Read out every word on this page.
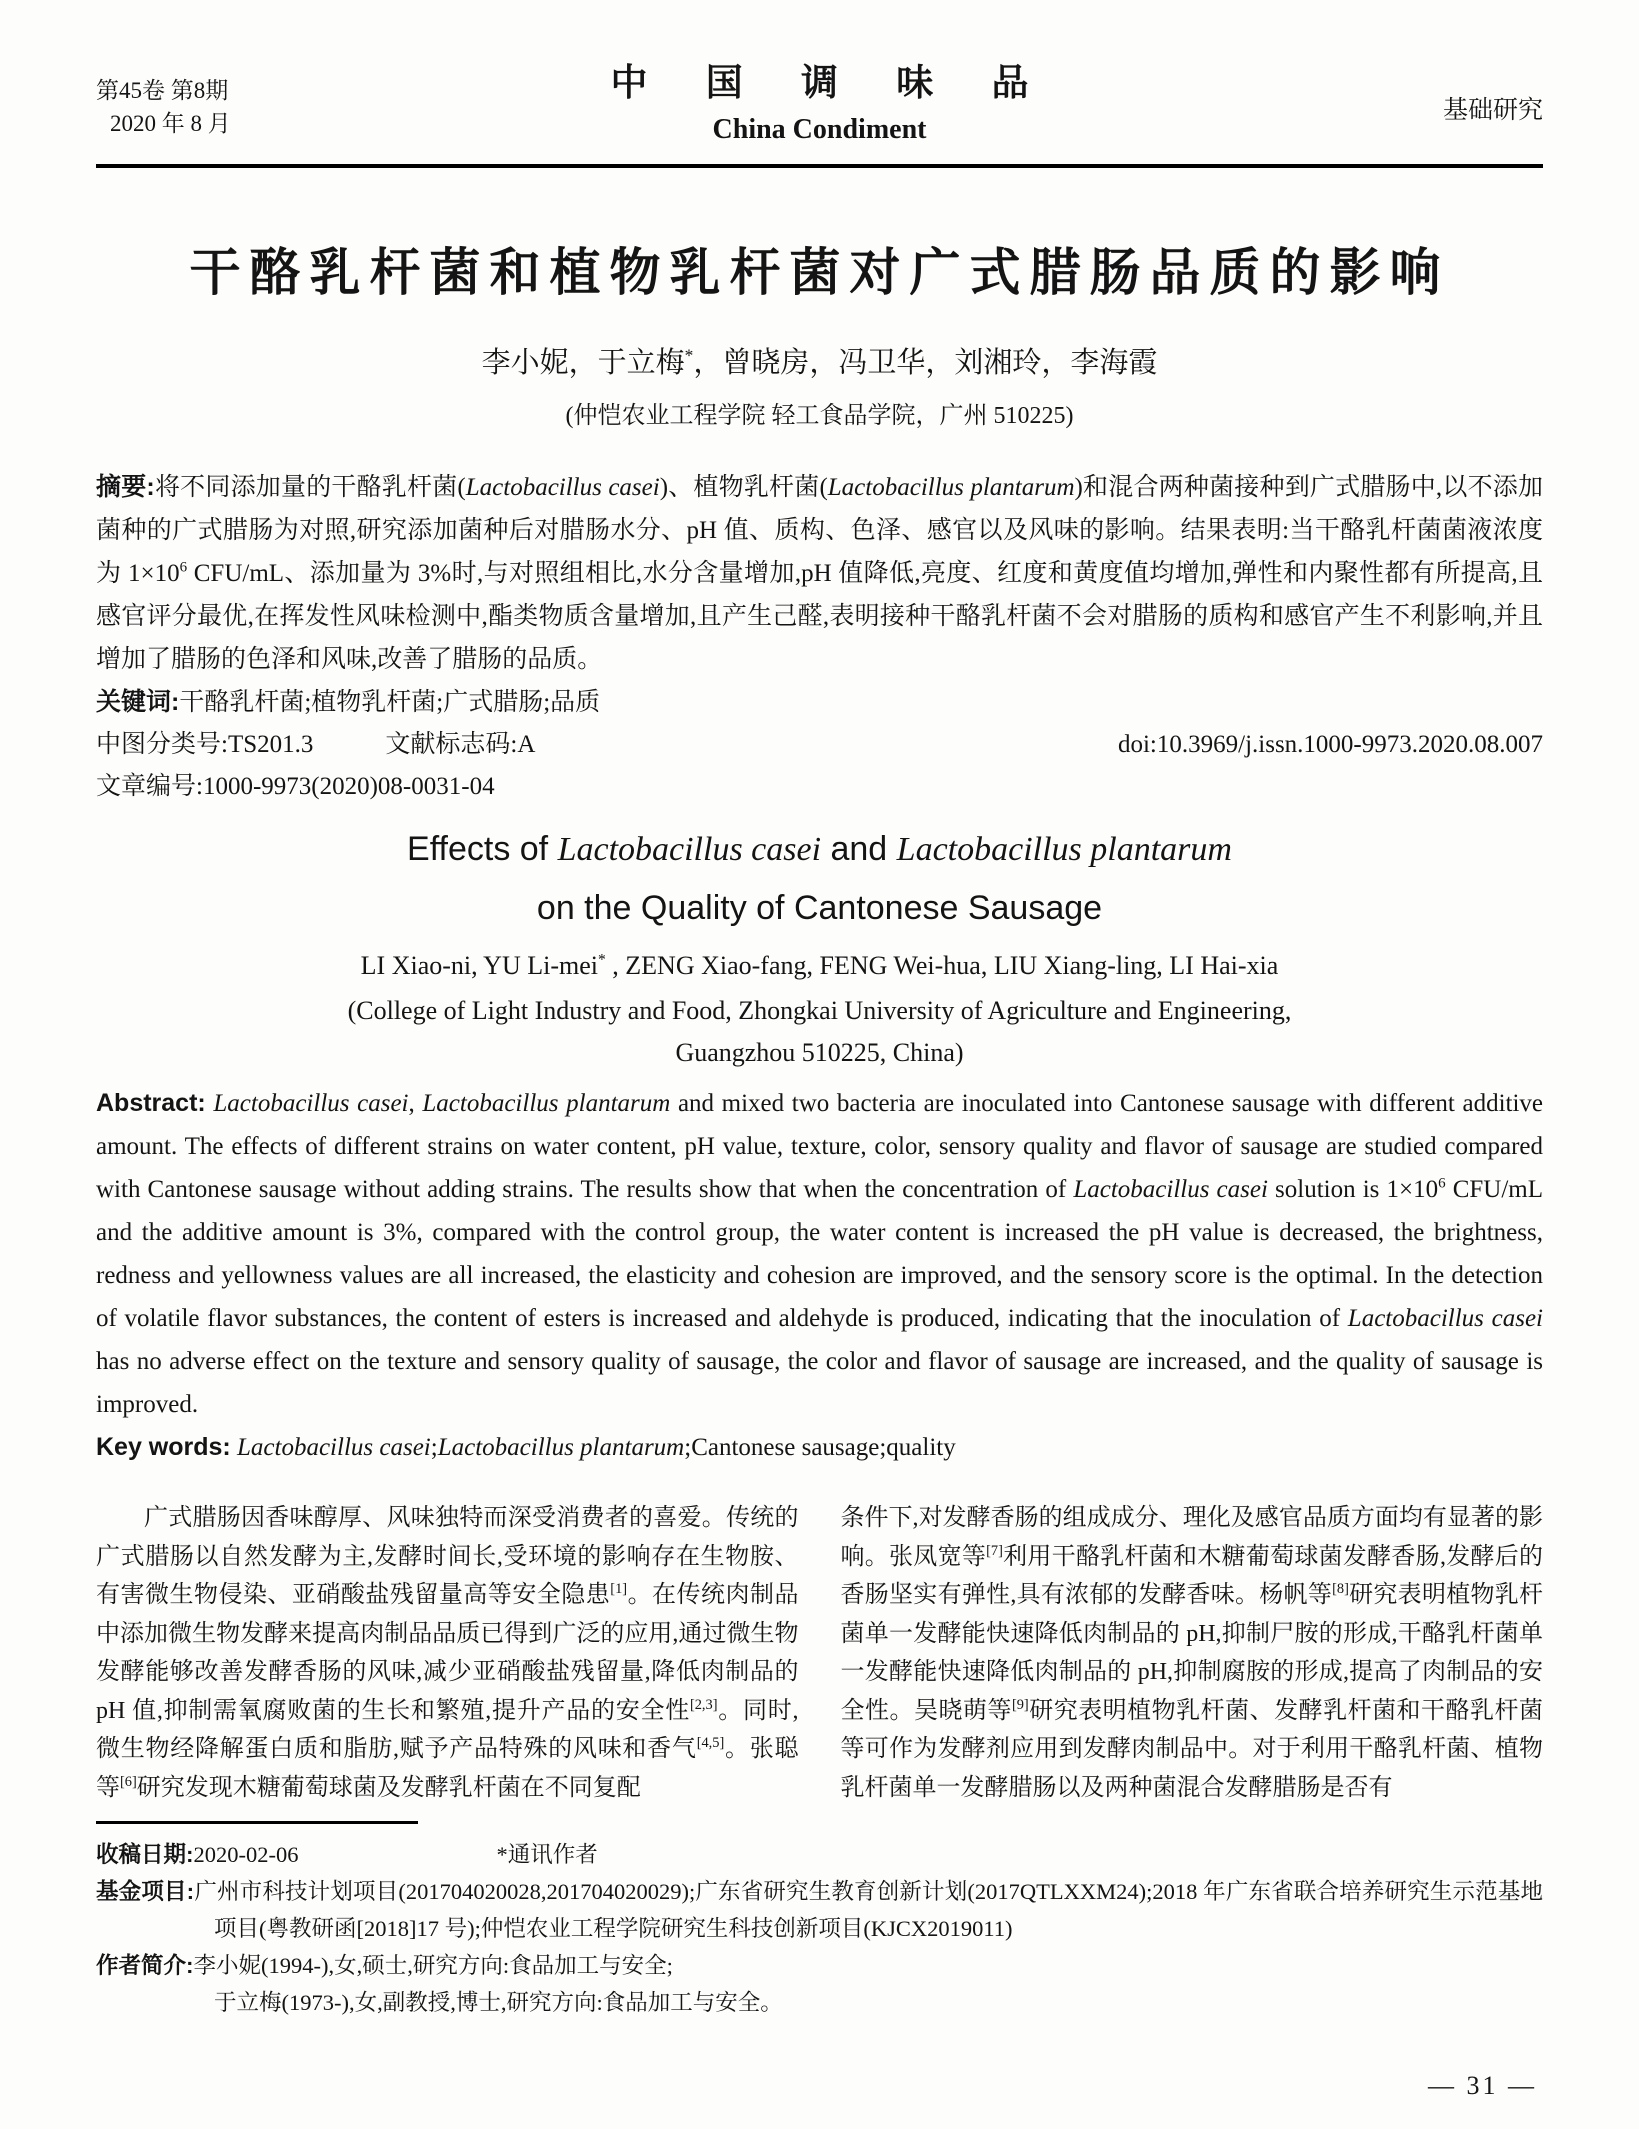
第45卷 第8期
2020 年 8 月
中 国 调 味 品
China Condiment
基础研究
干酪乳杆菌和植物乳杆菌对广式腊肠品质的影响
李小妮，于立梅*，曾晓房，冯卫华，刘湘玲，李海霞
(仲恺农业工程学院 轻工食品学院，广州 510225)

摘要:将不同添加量的干酪乳杆菌(Lactobacillus casei)、植物乳杆菌(Lactobacillus plantarum)和混合两种菌接种到广式腊肠中,以不添加菌种的广式腊肠为对照,研究添加菌种后对腊肠水分、pH 值、质构、色泽、感官以及风味的影响。结果表明:当干酪乳杆菌菌液浓度为 $1\times 10^6$ CFU/mL、添加量为 3%时,与对照组相比,水分含量增加,pH 值降低,亮度、红度和黄度值均增加,弹性和内聚性都有所提高,且感官评分最优,在挥发性风味检测中,酯类物质含量增加,且产生己醛,表明接种干酪乳杆菌不会对腊肠的质构和感官产生不利影响,并且增加了腊肠的色泽和风味,改善了腊肠的品质。

关键词:干酪乳杆菌;植物乳杆菌;广式腊肠;品质
中图分类号:TS201.3	文献标志码:A	doi:10.3969/j.issn.1000-9973.2020.08.007
文章编号:1000-9973(2020)08-0031-04
Effects of Lactobacillus casei and Lactobacillus plantarum
on the Quality of Cantonese Sausage
LI Xiao-ni, YU Li-mei* , ZENG Xiao-fang, FENG Wei-hua, LIU Xiang-ling, LI Hai-xia
(College of Light Industry and Food, Zhongkai University of Agriculture and Engineering,
Guangzhou 510225, China)

Abstract: Lactobacillus casei, Lactobacillus plantarum and mixed two bacteria are inoculated into Cantonese sausage with different additive amount. The effects of different strains on water content, pH value, texture, color, sensory quality and flavor of sausage are studied compared with Cantonese sausage without adding strains. The results show that when the concentration of Lactobacillus casei solution is $1\times 10^6$ CFU/mL and the additive amount is 3%, compared with the control group, the water content is increased the pH value is decreased, the brightness, redness and yellowness values are all increased, the elasticity and cohesion are improved, and the sensory score is the optimal. In the detection of volatile flavor substances, the content of esters is increased and aldehyde is produced, indicating that the inoculation of Lactobacillus casei has no adverse effect on the texture and sensory quality of sausage, the color and flavor of sausage are increased, and the quality of sausage is improved.

Key words: Lactobacillus casei;Lactobacillus plantarum;Cantonese sausage;quality

广式腊肠因香味醇厚、风味独特而深受消费者的喜爱。传统的广式腊肠以自然发酵为主,发酵时间长,受环境的影响存在生物胺、有害微生物侵染、亚硝酸盐残留量高等安全隐患[1]。在传统肉制品中添加微生物发酵来提高肉制品品质已得到广泛的应用,通过微生物发酵能够改善发酵香肠的风味,减少亚硝酸盐残留量,降低肉制品的 pH 值,抑制需氧腐败菌的生长和繁殖,提升产品的安全性[2,3]。同时,微生物经降解蛋白质和脂肪,赋予产品特殊的风味和香气[4,5]。张聪等[6]研究发现木糖葡萄球菌及发酵乳杆菌在不同复配

条件下,对发酵香肠的组成成分、理化及感官品质方面均有显著的影响。张凤宽等[7]利用干酪乳杆菌和木糖葡萄球菌发酵香肠,发酵后的香肠坚实有弹性,具有浓郁的发酵香味。杨帆等[8]研究表明植物乳杆菌单一发酵能快速降低肉制品的 pH,抑制尸胺的形成,干酪乳杆菌单一发酵能快速降低肉制品的 pH,抑制腐胺的形成,提高了肉制品的安全性。吴晓萌等[9]研究表明植物乳杆菌、发酵乳杆菌和干酪乳杆菌等可作为发酵剂应用到发酵肉制品中。对于利用干酪乳杆菌、植物乳杆菌单一发酵腊肠以及两种菌混合发酵腊肠是否有

收稿日期: 2020-02-06	*通讯作者
基金项目:广州市科技计划项目(201704020028,201704020029);广东省研究生教育创新计划(2017QTLXXM24);2018 年广东省联合培养研究生示范基地项目(粤教研函[2018]17 号);仲恺农业工程学院研究生科技创新项目(KJCX2019011)
作者简介:李小妮(1994-),女,硕士,研究方向:食品加工与安全;
于立梅(1973-),女,副教授,博士,研究方向:食品加工与安全。
— 31 —
